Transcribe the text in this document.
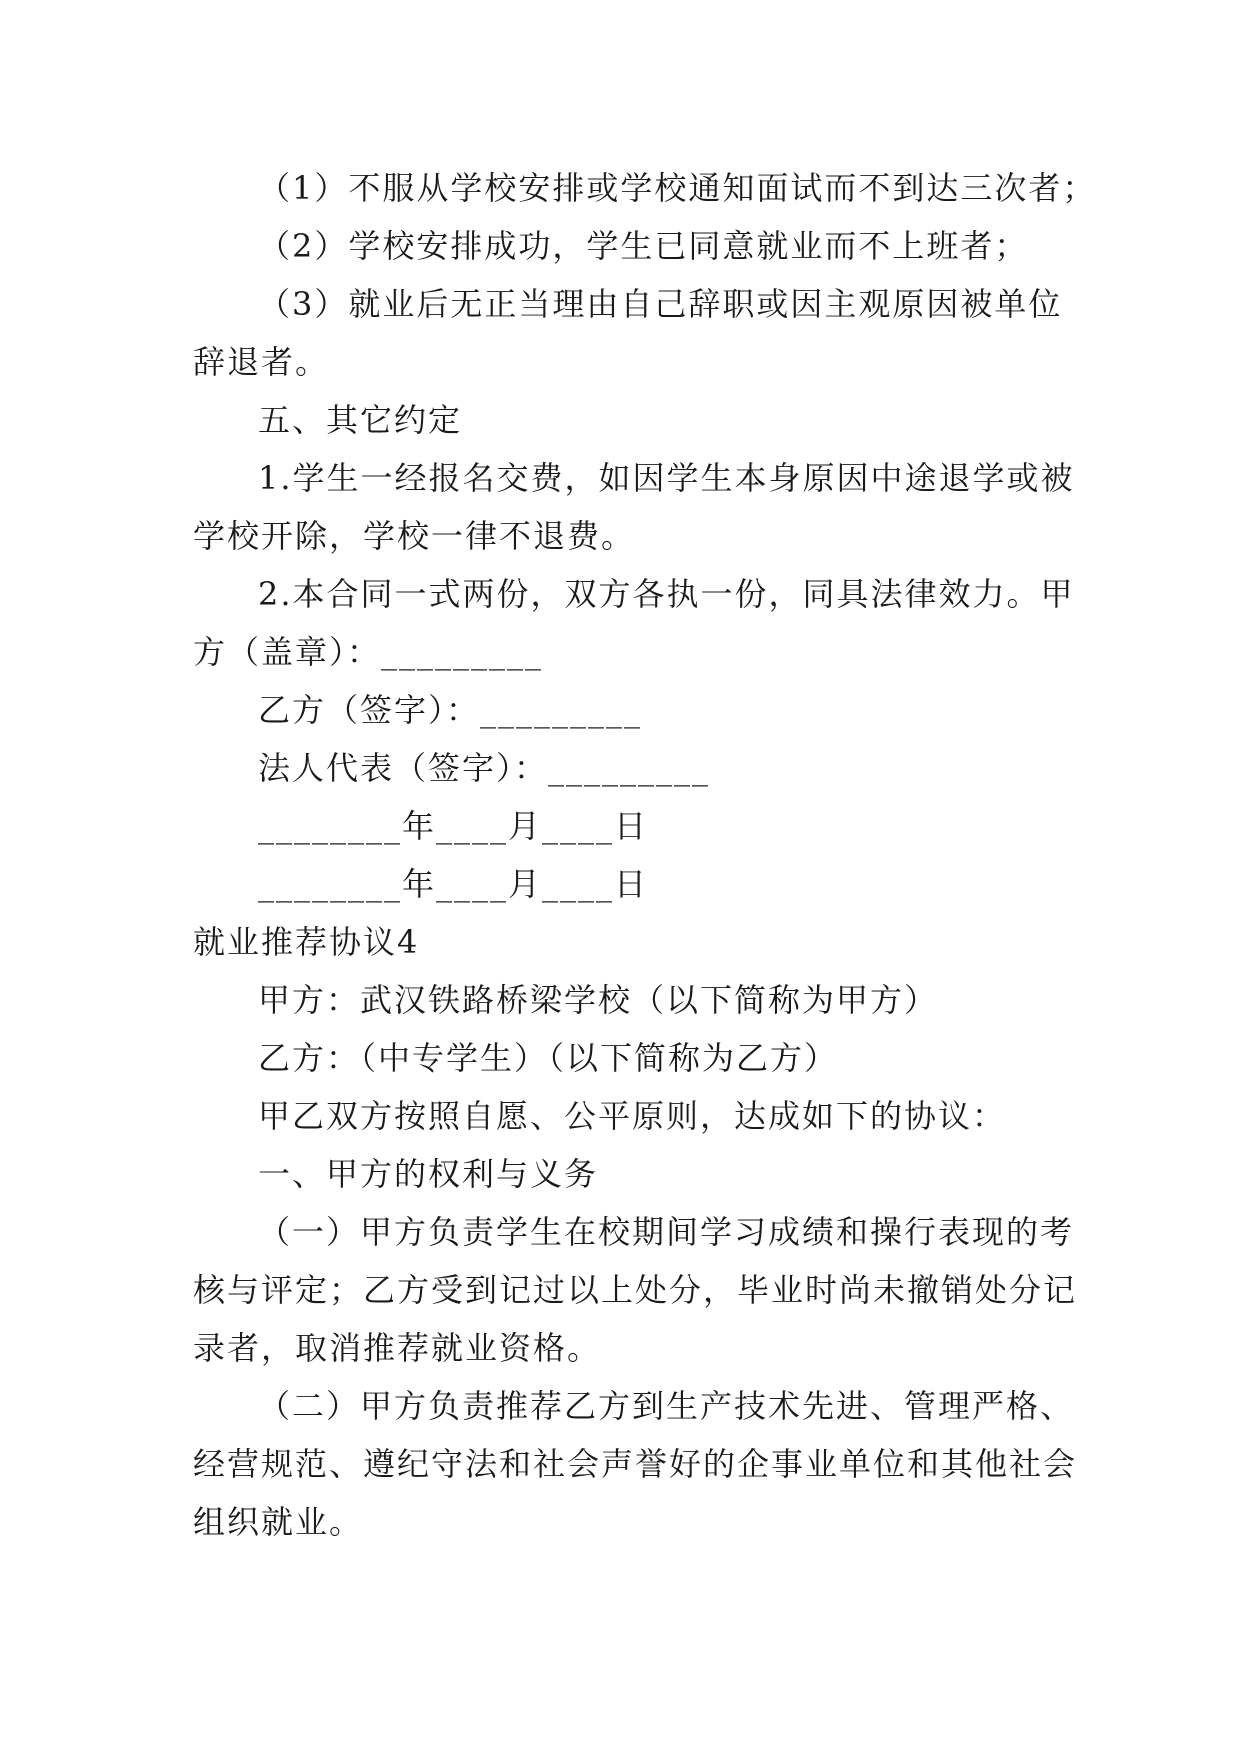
（1）不服从学校安排或学校通知面试而不到达三次者；
（2）学校安排成功，学生已同意就业而不上班者；
（3）就业后无正当理由自己辞职或因主观原因被单位
辞退者。
五、其它约定
1.学生一经报名交费，如因学生本身原因中途退学或被
学校开除，学校一律不退费。
2.本合同一式两份，双方各执一份，同具法律效力。甲
方（盖章）：_________
乙方（签字）：_________
法人代表（签字）：_________
________年____月____日
________年____月____日
就业推荐协议4
甲方：武汉铁路桥梁学校（以下简称为甲方）
乙方：（中专学生）（以下简称为乙方）
甲乙双方按照自愿、公平原则，达成如下的协议：
一、甲方的权利与义务
（一）甲方负责学生在校期间学习成绩和操行表现的考
核与评定；乙方受到记过以上处分，毕业时尚未撤销处分记
录者，取消推荐就业资格。
（二）甲方负责推荐乙方到生产技术先进、管理严格、
经营规范、遵纪守法和社会声誉好的企事业单位和其他社会
组织就业。
